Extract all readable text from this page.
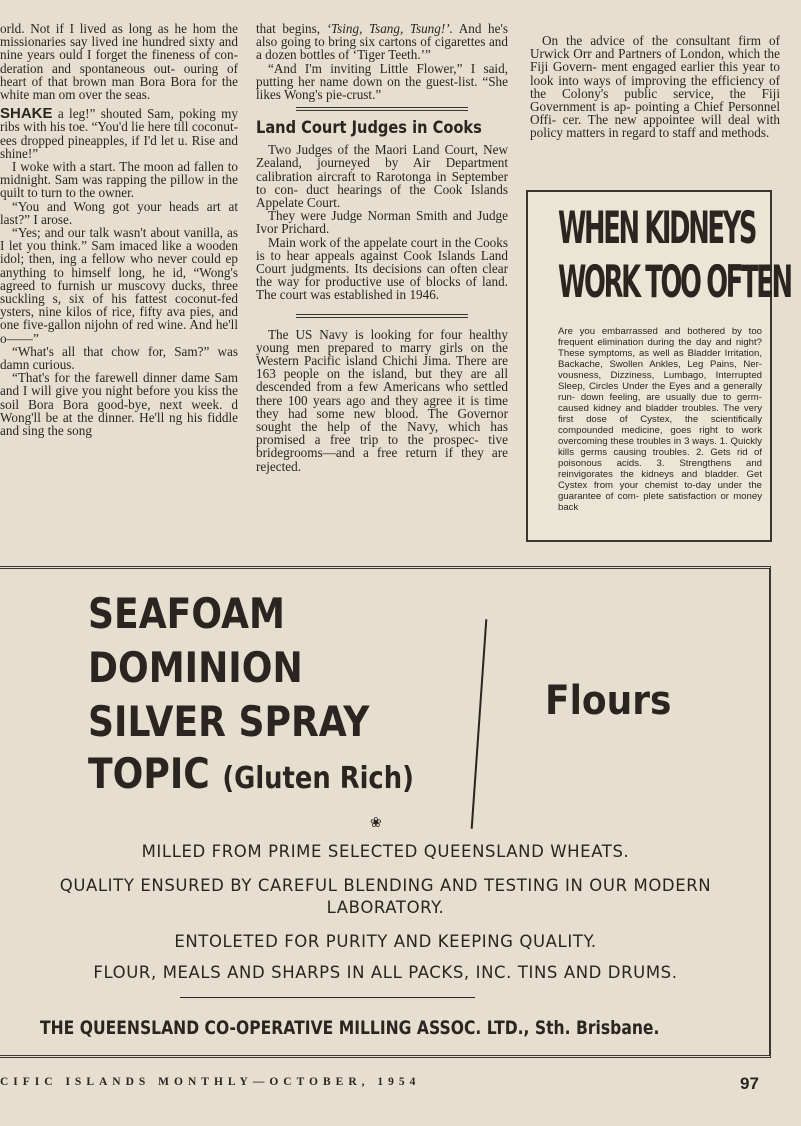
orld. Not if I lived as long as he hom the missionaries say lived ine hundred sixty and nine years ould I forget the fineness of con- deration and spontaneous out- ouring of heart of that brown man Bora Bora for the white man om over the seas.

SHAKE a leg!” shouted Sam, poking my ribs with his toe. “You'd lie here till coconut- ees dropped pineapples, if I'd let u. Rise and shine!”

I woke with a start. The moon ad fallen to midnight. Sam was rapping the pillow in the quilt to turn to the owner.

“You and Wong got your heads art at last?” I arose.

“Yes; and our talk wasn't about vanilla, as I let you think.” Sam imaced like a wooden idol; then, ing a fellow who never could ep anything to himself long, he id, “Wong's agreed to furnish ur muscovy ducks, three suckling s, six of his fattest coconut-fed ysters, nine kilos of rice, fifty ava pies, and one five-gallon nijohn of red wine. And he'll o——”

“What's all that chow for, Sam?” was damn curious.

“That's for the farewell dinner dame Sam and I will give you night before you kiss the soil Bora Bora good-bye, next week. d Wong'll be at the dinner. He'll ng his fiddle and sing the song

that begins, ‘Tsing, Tsang, Tsung!’. And he's also going to bring six cartons of cigarettes and a dozen bottles of ‘Tiger Teeth.’”

“And I'm inviting Little Flower,” I said, putting her name down on the guest-list. “She likes Wong's pie-crust.”

Land Court Judges in Cooks

Two Judges of the Maori Land Court, New Zealand, journeyed by Air Department calibration aircraft to Rarotonga in September to con- duct hearings of the Cook Islands Appelate Court.

They were Judge Norman Smith and Judge Ivor Prichard.

Main work of the appelate court in the Cooks is to hear appeals against Cook Islands Land Court judgments. Its decisions can often clear the way for productive use of blocks of land. The court was established in 1946.

The US Navy is looking for four healthy young men prepared to marry girls on the Western Pacific island Chichi Jima. There are 163 people on the island, but they are all descended from a few Americans who settled there 100 years ago and they agree it is time they had some new blood. The Governor sought the help of the Navy, which has promised a free trip to the prospec- tive bridegrooms—and a free return if they are rejected.

On the advice of the consultant firm of Urwick Orr and Partners of London, which the Fiji Govern- ment engaged earlier this year to look into ways of improving the efficiency of the Colony's public service, the Fiji Government is ap- pointing a Chief Personnel Offi- cer. The new appointee will deal with policy matters in regard to staff and methods.

WHEN KIDNEYS
WORK TOO OFTEN
Are you embarrassed and bothered by too frequent elimination during the day and night? These symptoms, as well as Bladder Irritation, Backache, Swollen Ankles, Leg Pains, Ner- vousness, Dizziness, Lumbago, Interrupted Sleep, Circles Under the Eyes and a generally run- down feeling, are usually due to germ-caused kidney and bladder troubles. The very first dose of Cystex, the scientifically compounded medicine, goes right to work overcoming these troubles in 3 ways. 1. Quickly kills germs causing troubles. 2. Gets rid of poisonous acids. 3. Strengthens and reinvigorates the kidneys and bladder. Get Cystex from your chemist to-day under the guarantee of com- plete satisfaction or money back
SEAFOAM
DOMINION
SILVER SPRAY
TOPIC (Gluten Rich)
Flours
❀
MILLED FROM PRIME SELECTED QUEENSLAND WHEATS.
QUALITY ENSURED BY CAREFUL BLENDING AND TESTING IN OUR MODERN
LABORATORY.
ENTOLETED FOR PURITY AND KEEPING QUALITY.
FLOUR, MEALS AND SHARPS IN ALL PACKS, INC. TINS AND DRUMS.
THE QUEENSLAND CO-OPERATIVE MILLING ASSOC. LTD., Sth. Brisbane.
CIFIC ISLANDS MONTHLY—OCTOBER, 1954	97
